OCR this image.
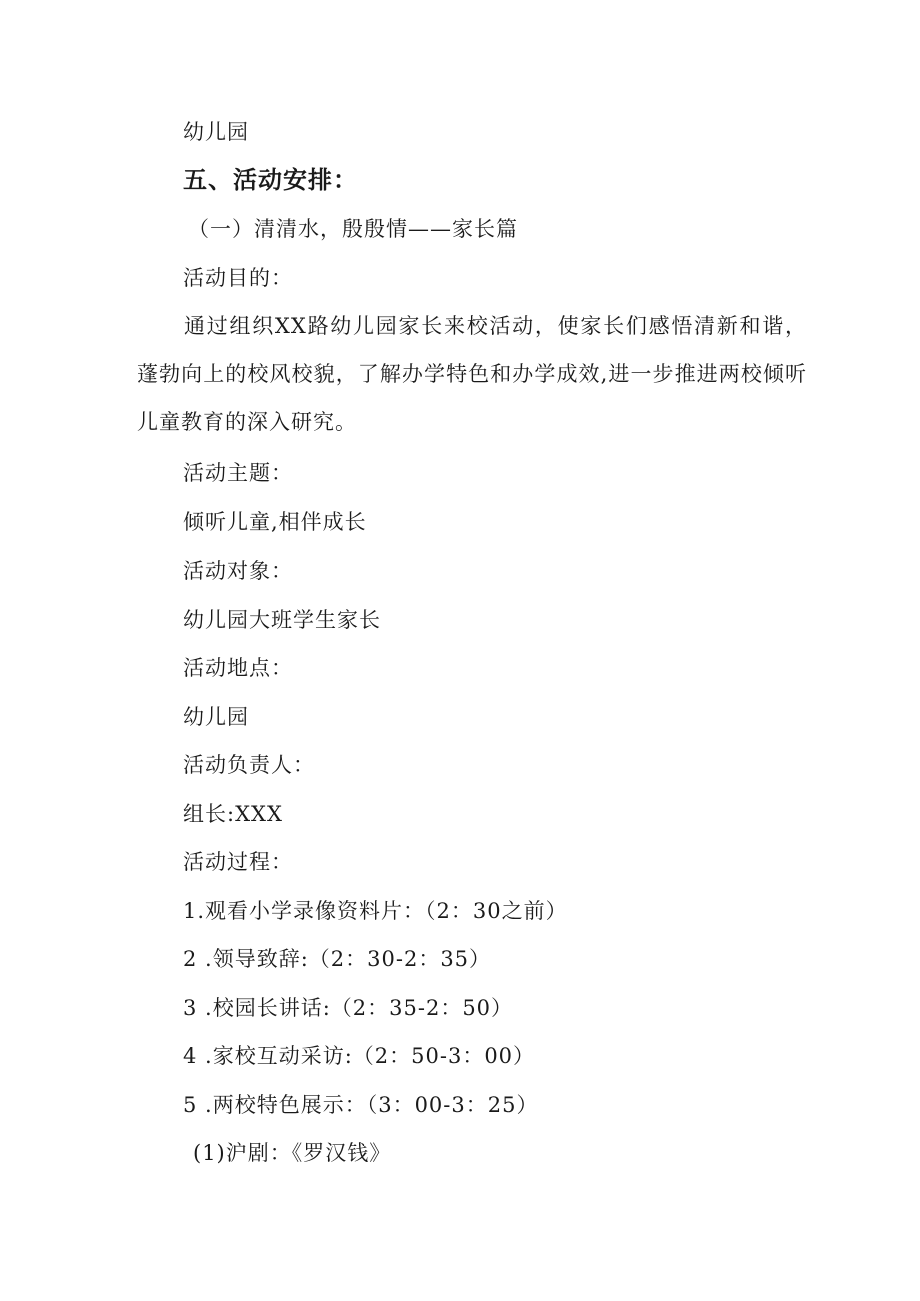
幼儿园
五、活动安排：
（一）清清水，殷殷情——家长篇
活动目的：
通过组织XX路幼儿园家长来校活动，使家长们感悟清新和谐，蓬勃向上的校风校貌，了解办学特色和办学成效,进一步推进两校倾听儿童教育的深入研究。
活动主题：
倾听儿童,相伴成长
活动对象：
幼儿园大班学生家长
活动地点：
幼儿园
活动负责人：
组长:XXX
活动过程：
1.观看小学录像资料片：（2：30之前）
2 .领导致辞:（2：30-2：35）
3 .校园长讲话:（2：35-2：50）
4 .家校互动采访:（2：50-3：00）
5 .两校特色展示：（3：00-3：25）
(1)沪剧：《罗汉钱》
